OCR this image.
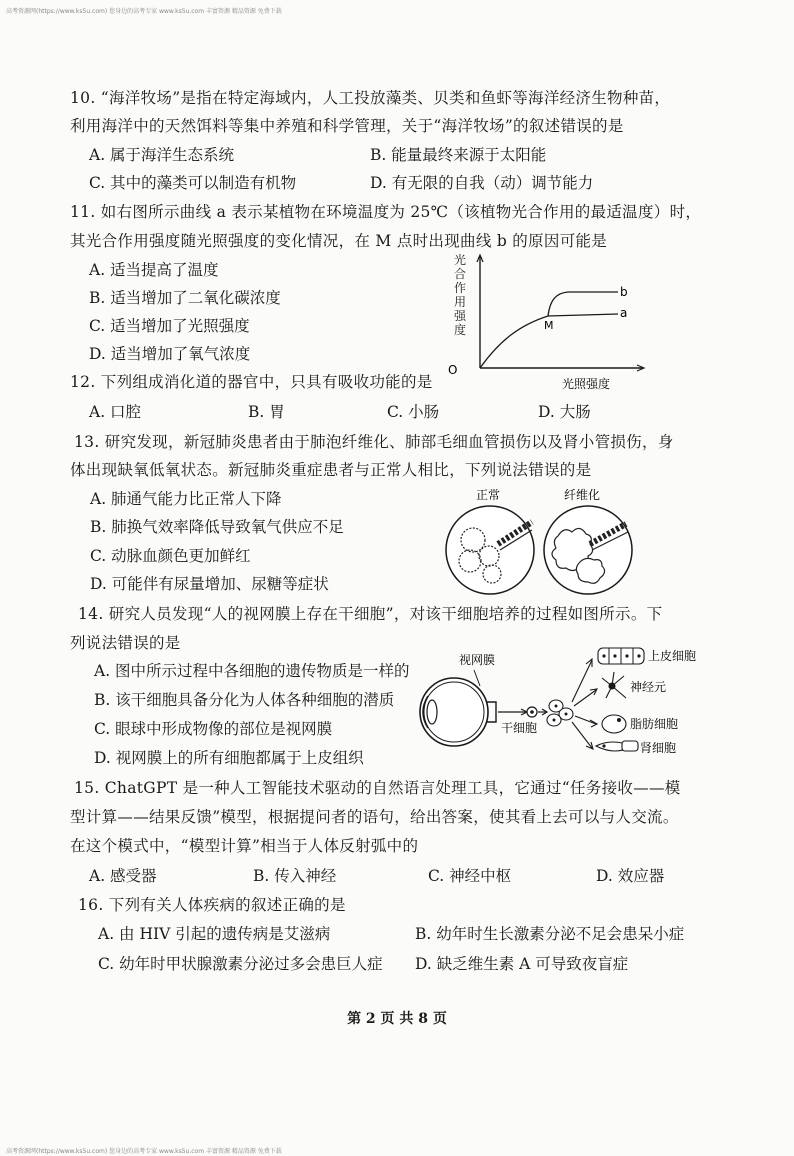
高考资源网(https://www.ks5u.com) 您身边的高考专家 www.ks5u.com 丰富资源 精品资源 免费下载
高考资源网(https://www.ks5u.com) 您身边的高考专家 www.ks5u.com 丰富资源 精品资源 免费下载
10. “海洋牧场”是指在特定海域内，人工投放藻类、贝类和鱼虾等海洋经济生物种苗，
利用海洋中的天然饵料等集中养殖和科学管理，关于“海洋牧场”的叙述错误的是
A. 属于海洋生态系统	B. 能量最终来源于太阳能
C. 其中的藻类可以制造有机物	D. 有无限的自我（动）调节能力
11. 如右图所示曲线 a 表示某植物在环境温度为 25℃（该植物光合作用的最适温度）时，
其光合作用强度随光照强度的变化情况，在 M 点时出现曲线 b 的原因可能是
A. 适当提高了温度
B. 适当增加了二氧化碳浓度
C. 适当增加了光照强度
D. 适当增加了氧气浓度
光
合
作
用
强
度
O
光照强度
b
a
M
12. 下列组成消化道的器官中，只具有吸收功能的是
A. 口腔	B. 胃	C. 小肠	D. 大肠
13. 研究发现，新冠肺炎患者由于肺泡纤维化、肺部毛细血管损伤以及肾小管损伤，身
体出现缺氧低氧状态。新冠肺炎重症患者与正常人相比，下列说法错误的是
A. 肺通气能力比正常人下降
B. 肺换气效率降低导致氧气供应不足
C. 动脉血颜色更加鲜红
D. 可能伴有尿量增加、尿糖等症状
正常	纤维化
14. 研究人员发现“人的视网膜上存在干细胞”，对该干细胞培养的过程如图所示。下
列说法错误的是
A. 图中所示过程中各细胞的遗传物质是一样的
B. 该干细胞具备分化为人体各种细胞的潜质
C. 眼球中形成物像的部位是视网膜
D. 视网膜上的所有细胞都属于上皮组织
视网膜
干细胞
上皮细胞
神经元
脂肪细胞
肾细胞
15. ChatGPT 是一种人工智能技术驱动的自然语言处理工具，它通过“任务接收——模
型计算——结果反馈”模型，根据提问者的语句，给出答案，使其看上去可以与人交流。
在这个模式中，“模型计算”相当于人体反射弧中的
A. 感受器	B. 传入神经	C. 神经中枢	D. 效应器
16. 下列有关人体疾病的叙述正确的是
A. 由 HIV 引起的遗传病是艾滋病	B. 幼年时生长激素分泌不足会患呆小症
C. 幼年时甲状腺激素分泌过多会患巨人症 D. 缺乏维生素 A 可导致夜盲症
第 2 页 共 8 页
